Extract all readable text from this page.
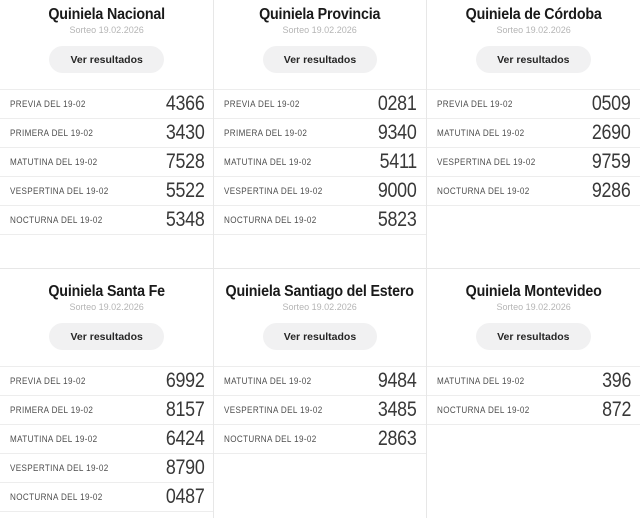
Quiniela Nacional
Sorteo 19.02.2026
Ver resultados
PREVIA DEL 19-02	4366
PRIMERA DEL 19-02	3430
MATUTINA DEL 19-02	7528
VESPERTINA DEL 19-02	5522
NOCTURNA DEL 19-02	5348
Quiniela Provincia
Sorteo 19.02.2026
Ver resultados
PREVIA DEL 19-02	0281
PRIMERA DEL 19-02	9340
MATUTINA DEL 19-02	5411
VESPERTINA DEL 19-02	9000
NOCTURNA DEL 19-02	5823
Quiniela de Córdoba
Sorteo 19.02.2026
Ver resultados
PREVIA DEL 19-02	0509
MATUTINA DEL 19-02	2690
VESPERTINA DEL 19-02	9759
NOCTURNA DEL 19-02	9286
Quiniela Santa Fe
Sorteo 19.02.2026
Ver resultados
PREVIA DEL 19-02	6992
PRIMERA DEL 19-02	8157
MATUTINA DEL 19-02	6424
VESPERTINA DEL 19-02	8790
NOCTURNA DEL 19-02	0487
Quiniela Santiago del Estero
Sorteo 19.02.2026
Ver resultados
MATUTINA DEL 19-02	9484
VESPERTINA DEL 19-02	3485
NOCTURNA DEL 19-02	2863
Quiniela Montevideo
Sorteo 19.02.2026
Ver resultados
MATUTINA DEL 19-02	396
NOCTURNA DEL 19-02	872
